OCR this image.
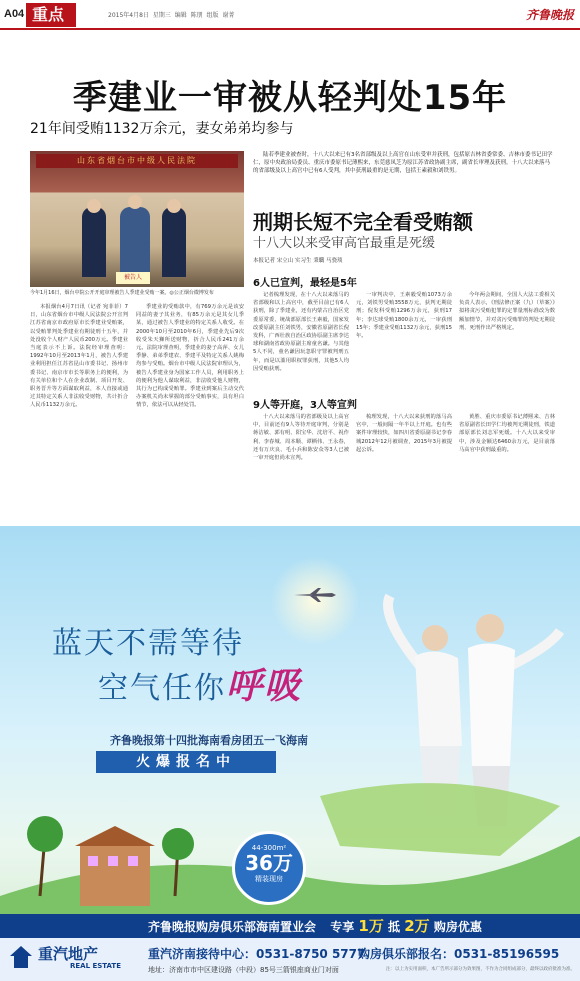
A04 重点	2015年4月8日 星期三 编辑 陈朋 组版 谢菁	齐鲁晚报
季建业一审被从轻判处15年
21年间受贿1132万余元，妻女弟弟均参与
山东省烟台市中级人民法院
被告人
今年1月16日，烟台中院公开开庭审理被告人季建业受贿一案。◎公正烟台微博发布
陆若季建业被查时，十八大以来已有3名省部级及以上高官在山东受审并获刑，包括原吉林省委常委、吉林市委书记田学仁，原中央政治局委员、重庆市委原书记薄熙来，东莞慈凤芝为原江苏省政协副主席，副省长审理及获刑。十八大以来落马的省部级及以上高官中已有6人受判，其中获刑最重的是无期，包括王素毅和刘铁男。
刑期长短不完全看受贿额
十八大以来受审高官最重是死缓
本报记者 宋立山 实习生 秉驖 马骁琰

本报烟台4月7日讯（记者 宛菲菲）7日，山东省烟台市中级人民法院公开宣判江苏省南京市政府原市长季建业受贿案，以受贿罪判处季建业有期徒刑十五年，并处没收个人财产人民币200万元。季建业当庭表示不上诉。法院经审理查明：1992年10月至2013年1月，被告人季建业利用担任江苏省昆山市委书记、扬州市委书记、南京市市长等职务上的便利，为有关单位和个人在企业改制、项目开发、职务晋升等方面谋取利益，本人直接或通过其特定关系人非法收受财物，共计折合人民币1132万余元。

季建业的受贿款中，有769万余元是该安同益的妻子其业务，有85万余元是其女儿季某，通过被告人季建业的特定关系人收受。在2000年10月至2010年6月，季建业先后9次收受朱天狮所送财物，折合人民币241万余元。法院审理查明，季建业的妻子高萍、女儿季静、弟弟季建农、季建平及特定关系人姚梅均参与受贿。烟台市中级人民法院审理认为，被告人季建业身为国家工作人员，利用职务上的便利为他人谋取利益，非法收受他人财物，其行为已构成受贿罪。季建业到案后主动交代办案机关尚未掌握的部分受贿事实，具有坦白情节，依法可以从轻处罚。

6人已宣判，最轻是5年

记者梳理发现，在十八大以来落马的省部级和以上高官中，截至目前已有6人获刑，除了季建业，还有内蒙古自治区党委原常委、统战部原部长王素毅，国家发改委原副主任刘铁男，安徽省原副省长倪发科，广西壮族自治区政协原副主席李达球和湖南省政协原副主席童名谦。与其他5人不同，童名谦因玩忽职守罪被判刑五年，而是以滥用职权罪获刑，其他5人均因受贿获刑。

一审判决中，王素毅受贿1073万余元，刘铁男受贿3558万元，获判无期徒刑；倪发科受贿1296万余元，获刑17年；李达球受贿1800余万元，一审获刑15年；季建业受贿1132万余元，获刑15年。

今年两会期间，全国人大法工委相关负责人表示，《刑法修正案（九）（草案）》拟将贪污受贿犯罪的定罪量刑标准改为数额加情节，并对贪污受贿罪的判处无期徒刑、死刑作出严格规定。

9人等开庭，3人等宣判

十八大以来落马的省部级及以上高官中，目前还有9人等待开庭审判，分别是蒋洁敏、郭有明、阳宝华、沈培平、祝作利、李春城、周本顺、谭栖伟、王永春，还有万庆良、毛小兵和陈安众等3人已被一审开庭但尚未宣判。

梳理发现，十八大以来获刑的落马高官中，一般间隔一年半以上开庭。也有些案件审理较快，如四川省委原副书记李春城2012年12月被调查，2015年3月被提起公诉。

黄胜、重庆市委原书记薄熙来、吉林省原副省长田学仁均被判无期徒刑，铁道部原部长刘志军死缓。十八大以来受审中，涉及金额达6460余万元，是目前落马高官中获刑最重的。

蓝天不需等待
空气任你呼吸
齐鲁晚报第十四批海南看房团五一飞海南
火爆报名中
44-300m²
36万
精装现房
齐鲁晚报购房俱乐部海南置业会 专享 1万 抵 2万 购房优惠
重汽地产
REAL ESTATE
重汽济南接待中心：0531-8750 5777
购房俱乐部报名：0531-85196595
地址：济南市市中区建设路（中段）85号三箭银座商业门对面	注：以上为实用面积，本广告所示部分为效果图，不作为合同组成部分，最终以政府批准为准。
